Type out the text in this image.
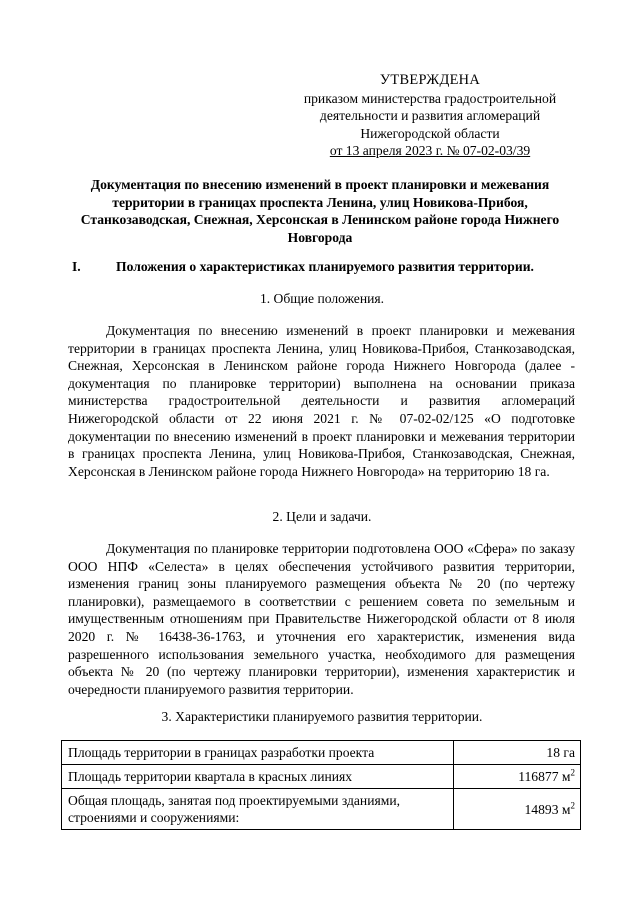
УТВЕРЖДЕНА
приказом министерства градостроительной
деятельности и развития агломераций
Нижегородской области
от 13 апреля 2023 г. № 07-02-03/39
Документация по внесению изменений в проект планировки и межевания территории в границах проспекта Ленина, улиц Новикова-Прибоя, Станкозаводская, Снежная, Херсонская в Ленинском районе города Нижнего Новгорода
I.	Положения о характеристиках планируемого развития территории.
1. Общие положения.

Документация по внесению изменений в проект планировки и межевания территории в границах проспекта Ленина, улиц Новикова-Прибоя, Станкозаводская, Снежная, Херсонская в Ленинском районе города Нижнего Новгорода (далее - документация по планировке территории) выполнена на основании приказа министерства градостроительной деятельности и развития агломераций Нижегородской области от 22 июня 2021 г. № 07-02-02/125 «О подготовке документации по внесению изменений в проект планировки и межевания территории в границах проспекта Ленина, улиц Новикова-Прибоя, Станкозаводская, Снежная, Херсонская в Ленинском районе города Нижнего Новгорода» на территорию 18 га.

2. Цели и задачи.

Документация по планировке территории подготовлена ООО «Сфера» по заказу ООО НПФ «Селеста» в целях обеспечения устойчивого развития территории, изменения границ зоны планируемого размещения объекта № 20 (по чертежу планировки), размещаемого в соответствии с решением совета по земельным и имущественным отношениям при Правительстве Нижегородской области от 8 июля 2020 г. № 16438-36-1763, и уточнения его характеристик, изменения вида разрешенного использования земельного участка, необходимого для размещения объекта № 20 (по чертежу планировки территории), изменения характеристик и очередности планируемого развития территории.

3. Характеристики планируемого развития территории.
Площадь территории в границах разработки проекта	18 га
Площадь территории квартала в красных линиях	116877 $м^2$
Общая площадь, занятая под проектируемыми зданиями, строениями и сооружениями:	14893 $м^2$
